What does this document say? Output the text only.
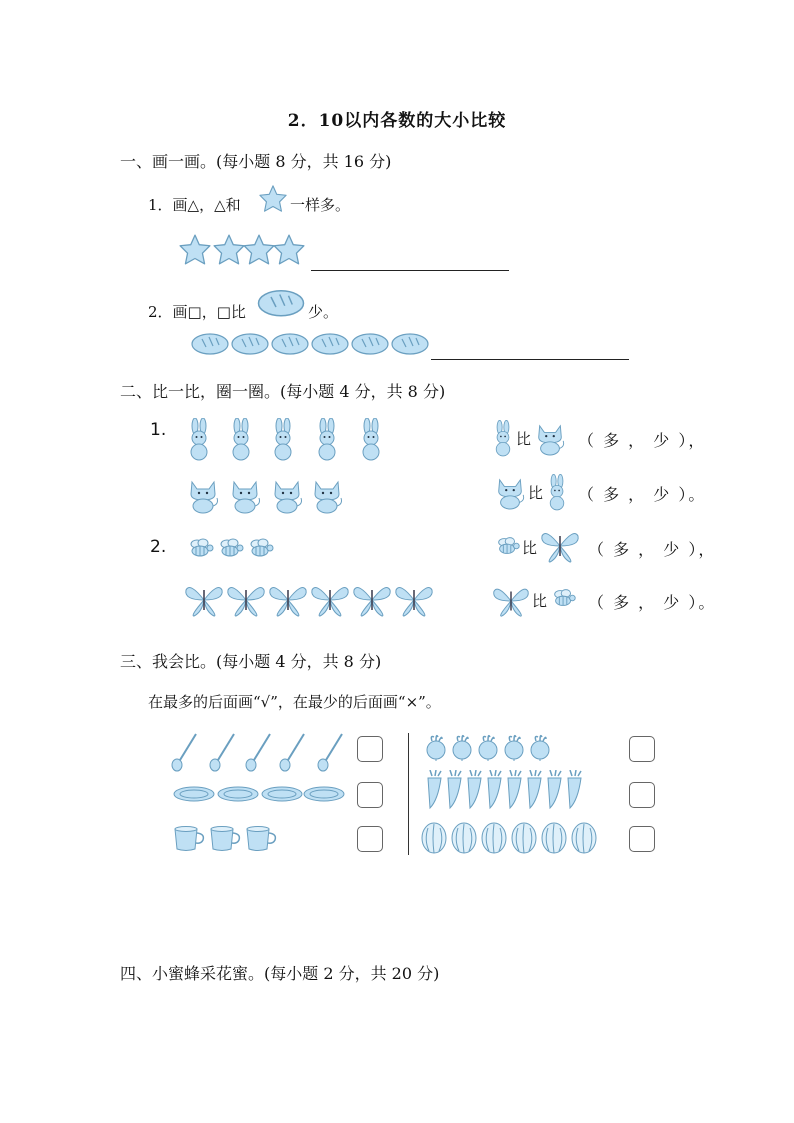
2．10以内各数的大小比较
一、画一画。(每小题 8 分，共 16 分)
1．画△，△和	一样多。
2．画□，□比	少。
二、比一比，圈一圈。(每小题 4 分，共 8 分)
1.	比	（ 多 ， 少 ），
比 （ 多 ， 少 ）。
2.	比	（ 多 ， 少 ），
比	（ 多 ， 少 ）。
三、我会比。(每小题 4 分，共 8 分)
在最多的后面画“√”，在最少的后面画“×”。
四、小蜜蜂采花蜜。(每小题 2 分，共 20 分)
